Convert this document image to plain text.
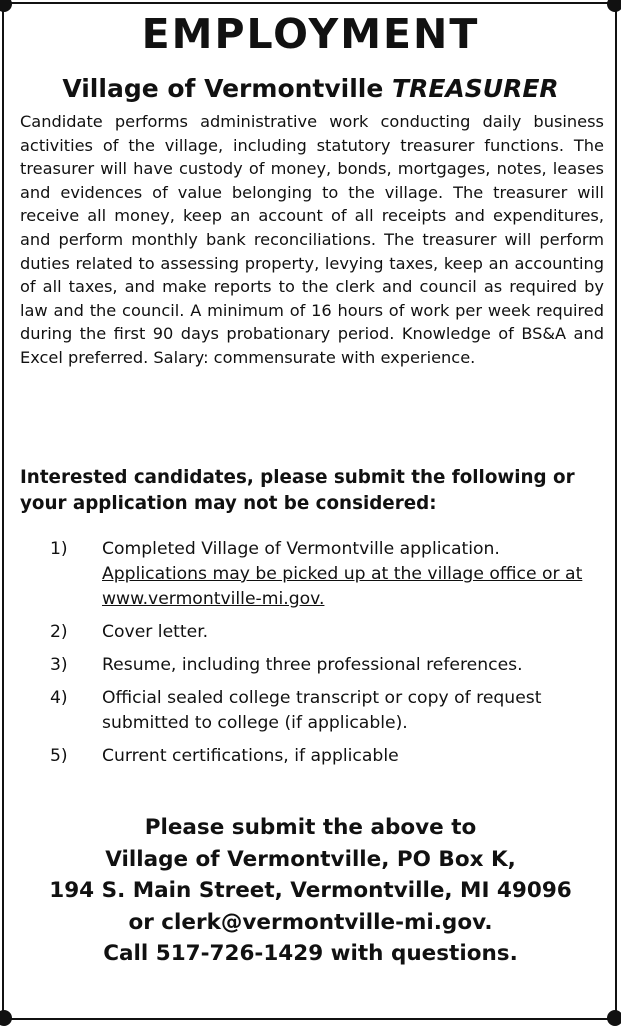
EMPLOYMENT
Village of Vermontville TREASURER
Candidate performs administrative work conducting daily business activities of the village, including statutory treasurer functions. The treasurer will have custody of money, bonds, mortgages, notes, leases and evidences of value belonging to the village. The treasurer will receive all money, keep an account of all receipts and expenditures, and perform monthly bank reconciliations. The treasurer will perform duties related to assessing property, levying taxes, keep an accounting of all taxes, and make reports to the clerk and council as required by law and the council. A minimum of 16 hours of work per week required during the first 90 days probationary period. Knowledge of BS&A and Excel preferred. Salary: commensurate with experience.
Interested candidates, please submit the following or your application may not be considered:
1) Completed Village of Vermontville application. Applications may be picked up at the village office or at www.vermontville-mi.gov.
2) Cover letter.
3) Resume, including three professional references.
4) Official sealed college transcript or copy of request submitted to college (if applicable).
5) Current certifications, if applicable
Please submit the above to
Village of Vermontville, PO Box K,
194 S. Main Street, Vermontville, MI 49096
or clerk@vermontville-mi.gov.
Call 517-726-1429 with questions.
